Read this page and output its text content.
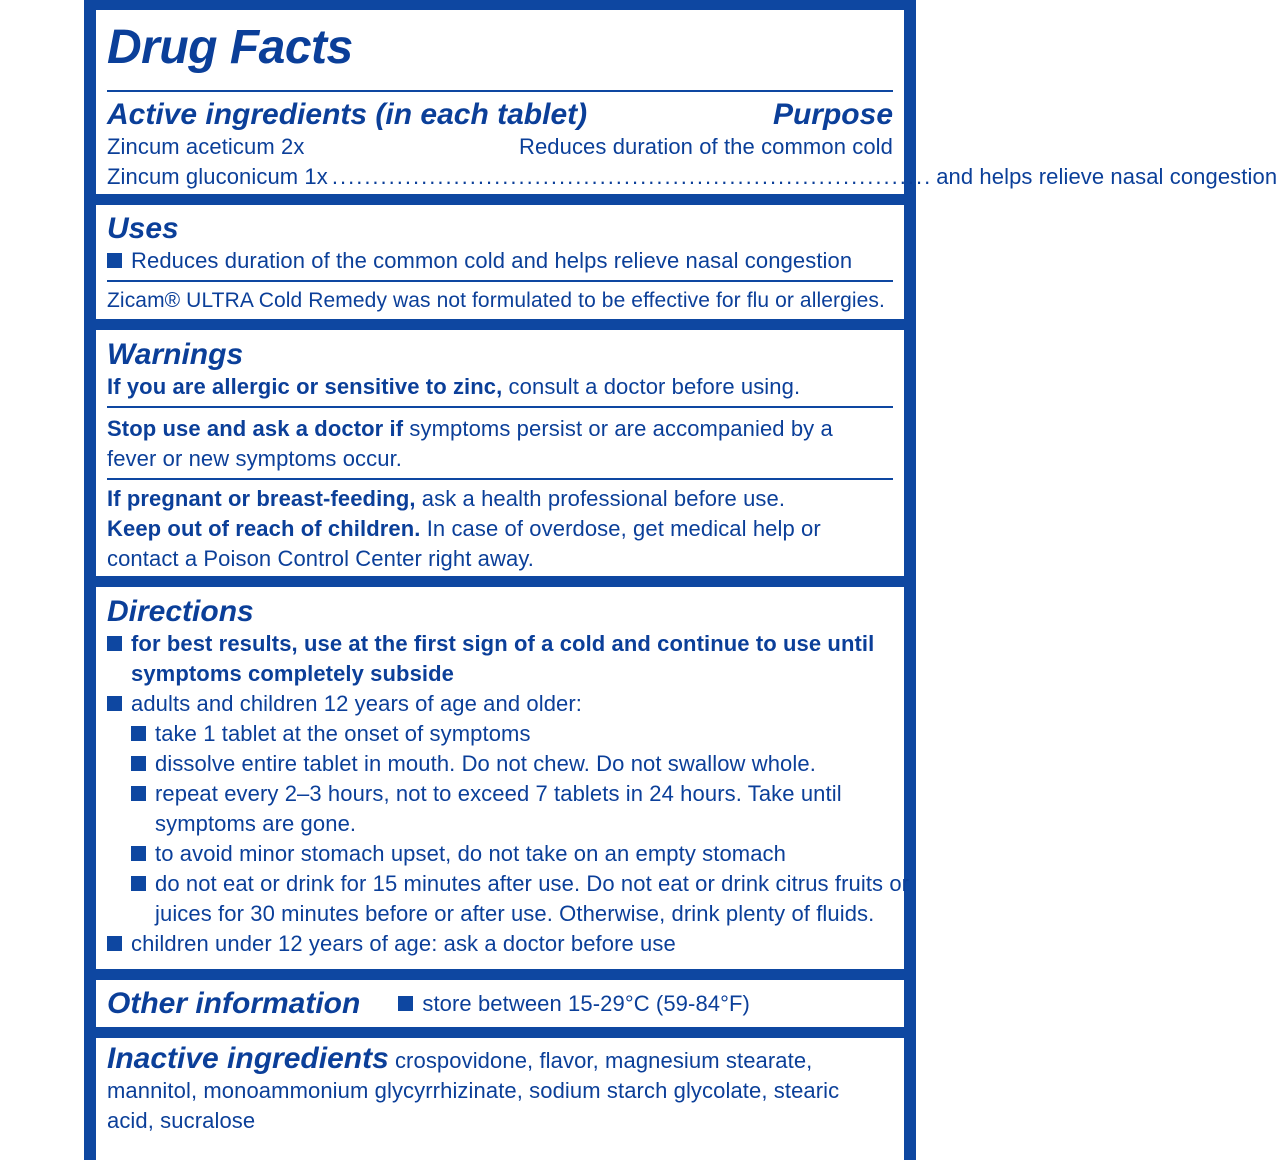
Drug Facts
Active ingredients (in each tablet)	Purpose
Zincum aceticum 2x	Reduces duration of the common cold
Zincum gluconicum 1x .......................................................................... and helps relieve nasal congestion
Uses
Reduces duration of the common cold and helps relieve nasal congestion
Zicam® ULTRA Cold Remedy was not formulated to be effective for flu or allergies.
Warnings
If you are allergic or sensitive to zinc, consult a doctor before using.
Stop use and ask a doctor if symptoms persist or are accompanied by a
fever or new symptoms occur.
If pregnant or breast-feeding, ask a health professional before use.
Keep out of reach of children. In case of overdose, get medical help or
contact a Poison Control Center right away.
Directions
for best results, use at the first sign of a cold and continue to use until
symptoms completely subside
adults and children 12 years of age and older:
take 1 tablet at the onset of symptoms
dissolve entire tablet in mouth. Do not chew. Do not swallow whole.
repeat every 2–3 hours, not to exceed 7 tablets in 24 hours. Take until
symptoms are gone.
to avoid minor stomach upset, do not take on an empty stomach
do not eat or drink for 15 minutes after use. Do not eat or drink citrus fruits or
juices for 30 minutes before or after use. Otherwise, drink plenty of fluids.
children under 12 years of age: ask a doctor before use
Other information	store between 15-29°C (59-84°F)
Inactive ingredients crospovidone, flavor, magnesium stearate,
mannitol, monoammonium glycyrrhizinate, sodium starch glycolate, stearic
acid, sucralose
